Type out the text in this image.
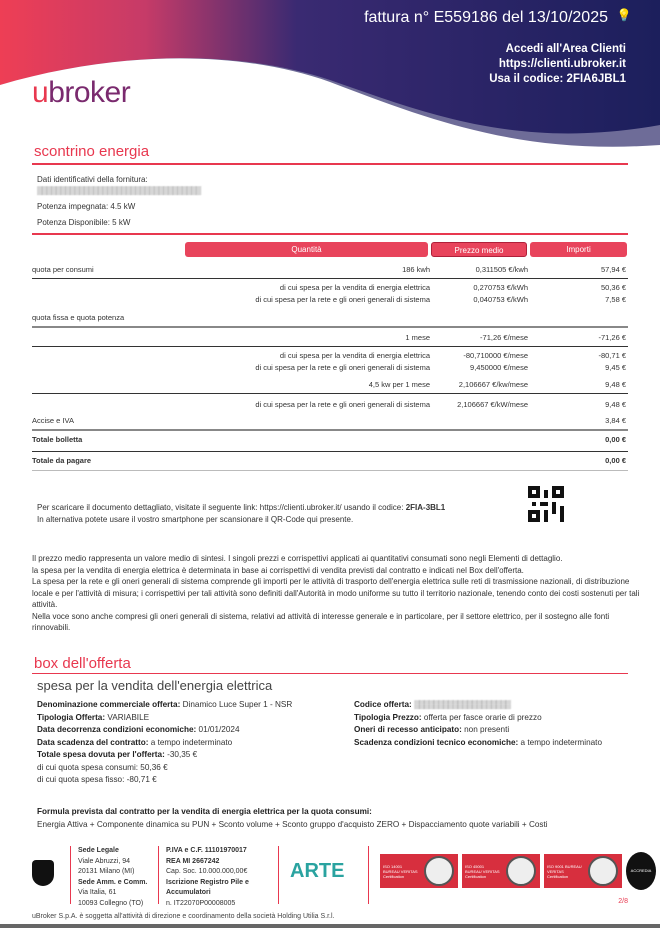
fattura n° E559186 del 13/10/2025 💡
Accedi all'Area Clienti
https://clienti.ubroker.it
Usa il codice: 2FIA6JBL1
ubroker
scontrino energia
Dati identificativi della fornitura:
▒▒▒▒▒▒▒▒▒▒▒▒▒▒▒▒▒▒▒▒▒▒▒▒▒▒▒▒▒▒▒▒▒▒▒
Potenza impegnata: 4.5 kW
Potenza Disponibile: 5 kW
Quantità	Prezzo medio	Importi
quota per consumi	186 kwh	0,311505 €/kwh	57,94 €
di cui spesa per la vendita di energia elettrica	0,270753 €/kWh	50,36 €
di cui spesa per la rete e gli oneri generali di sistema	0,040753 €/kWh	7,58 €
quota fissa e quota potenza
1 mese	-71,26 €/mese	-71,26 €
di cui spesa per la vendita di energia elettrica	-80,710000 €/mese	-80,71 €
di cui spesa per la rete e gli oneri generali di sistema	9,450000 €/mese	9,45 €
4,5 kw per 1 mese	2,106667 €/kw/mese	9,48 €
di cui spesa per la rete e gli oneri generali di sistema	2,106667 €/kW/mese	9,48 €
Accise e IVA	3,84 €
Totale bolletta	0,00 €
Totale da pagare	0,00 €
Per scaricare il documento dettagliato, visitate il seguente link: https://clienti.ubroker.it/ usando il codice: 2FIA-3BL1
In alternativa potete usare il vostro smartphone per scansionare il QR-Code qui presente.
Il prezzo medio rappresenta un valore medio di sintesi. I singoli prezzi e corrispettivi applicati ai quantitativi consumati sono negli Elementi di dettaglio.
la spesa per la vendita di energia elettrica è determinata in base ai corrispettivi di vendita previsti dal contratto e indicati nel Box dell'offerta.
La spesa per la rete e gli oneri generali di sistema comprende gli importi per le attività di trasporto dell'energia elettrica sulle reti di trasmissione nazionali, di distribuzione locale e per l'attività di misura; i corrispettivi per tali attività sono definiti dall'Autorità in modo uniforme su tutto il territorio nazionale, tenendo conto dei costi sostenuti per tali attività.
Nella voce sono anche compresi gli oneri generali di sistema, relativi ad attività di interesse generale e in particolare, per il settore elettrico, per il sostegno alle fonti rinnovabili.
box dell'offerta
spesa per la vendita dell'energia elettrica
Denominazione commerciale offerta: Dinamico Luce Super 1 - NSR
Tipologia Offerta: VARIABILE
Data decorrenza condizioni economiche: 01/01/2024
Data scadenza del contratto: a tempo indeterminato
Totale spesa dovuta per l'offerta: -30,35 €
di cui quota spesa consumi: 50,36 €
di cui quota spesa fisso: -80,71 €
Codice offerta: ▒▒▒▒▒▒▒▒▒▒▒▒▒▒▒▒▒▒▒▒
Tipologia Prezzo: offerta per fasce orarie di prezzo
Oneri di recesso anticipato: non presenti
Scadenza condizioni tecnico economiche: a tempo indeterminato
Formula prevista dal contratto per la vendita di energia elettrica per la quota consumi:
Energia Attiva + Componente dinamica su PUN + Sconto volume + Sconto gruppo d'acquisto ZERO + Dispacciamento quote variabili + Costi
Sede Legale
Viale Abruzzi, 94
20131 Milano (MI)
Sede Amm. e Comm.
Via Italia, 61
10093 Collegno (TO)
P.IVA e C.F. 11101970017
REA MI 2667242
Cap. Soc. 10.000.000,00€
Iscrizione Registro Pile e
Accumulatori
n. IT22070P00008005
ARTE	ISO 14001 BUREAU VERITAS Certification
ISO 45001 BUREAU VERITAS Certification
ISO 9001 BUREAU VERITAS Certification
ACCREDIA
2/8
uBroker S.p.A. è soggetta all'attività di direzione e coordinamento della società Holding Utilia S.r.l.
